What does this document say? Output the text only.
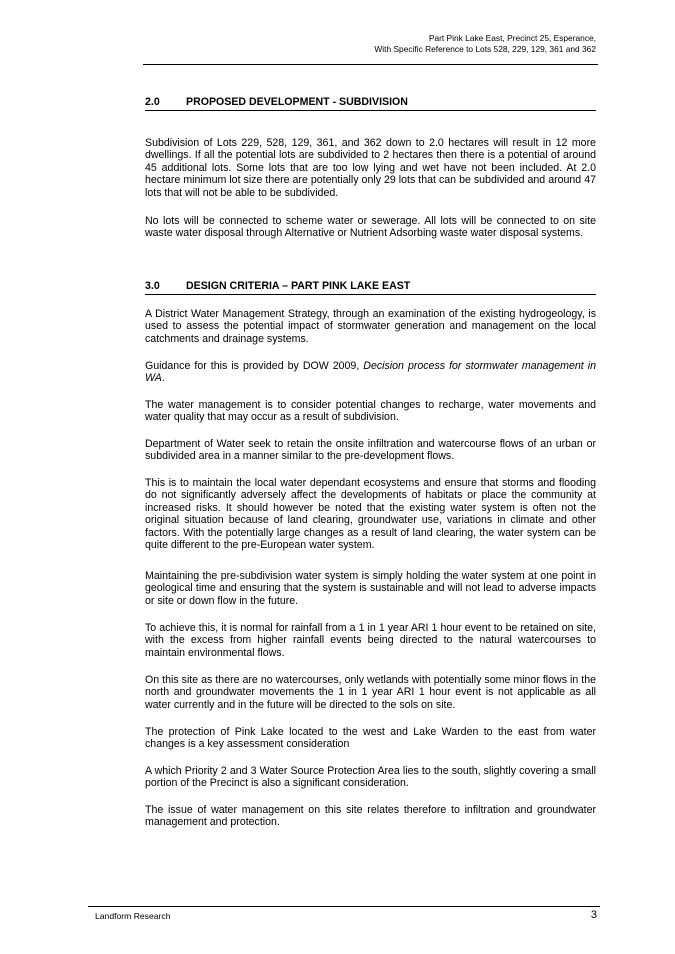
Part Pink Lake East, Precinct 25, Esperance,
With Specific Reference to Lots 528, 229, 129, 361 and 362
2.0 PROPOSED DEVELOPMENT - SUBDIVISION

Subdivision of Lots 229, 528, 129, 361, and 362 down to 2.0 hectares will result in 12 more dwellings. If all the potential lots are subdivided to 2 hectares then there is a potential of around 45 additional lots. Some lots that are too low lying and wet have not been included. At 2.0 hectare minimum lot size there are potentially only 29 lots that can be subdivided and around 47 lots that will not be able to be subdivided.

No lots will be connected to scheme water or sewerage. All lots will be connected to on site waste water disposal through Alternative or Nutrient Adsorbing waste water disposal systems.

3.0 DESIGN CRITERIA – PART PINK LAKE EAST

A District Water Management Strategy, through an examination of the existing hydrogeology, is used to assess the potential impact of stormwater generation and management on the local catchments and drainage systems.

Guidance for this is provided by DOW 2009, Decision process for stormwater management in WA.

The water management is to consider potential changes to recharge, water movements and water quality that may occur as a result of subdivision.

Department of Water seek to retain the onsite infiltration and watercourse flows of an urban or subdivided area in a manner similar to the pre-development flows.

This is to maintain the local water dependant ecosystems and ensure that storms and flooding do not significantly adversely affect the developments of habitats or place the community at increased risks. It should however be noted that the existing water system is often not the original situation because of land clearing, groundwater use, variations in climate and other factors. With the potentially large changes as a result of land clearing, the water system can be quite different to the pre-European water system.

Maintaining the pre-subdivision water system is simply holding the water system at one point in geological time and ensuring that the system is sustainable and will not lead to adverse impacts or site or down flow in the future.

To achieve this, it is normal for rainfall from a 1 in 1 year ARI 1 hour event to be retained on site, with the excess from higher rainfall events being directed to the natural watercourses to maintain environmental flows.

On this site as there are no watercourses, only wetlands with potentially some minor flows in the north and groundwater movements the 1 in 1 year ARI 1 hour event is not applicable as all water currently and in the future will be directed to the sols on site.

The protection of Pink Lake located to the west and Lake Warden to the east from water changes is a key assessment consideration

A which Priority 2 and 3 Water Source Protection Area lies to the south, slightly covering a small portion of the Precinct is also a significant consideration.

The issue of water management on this site relates therefore to infiltration and groundwater management and protection.

Landform Research	3
